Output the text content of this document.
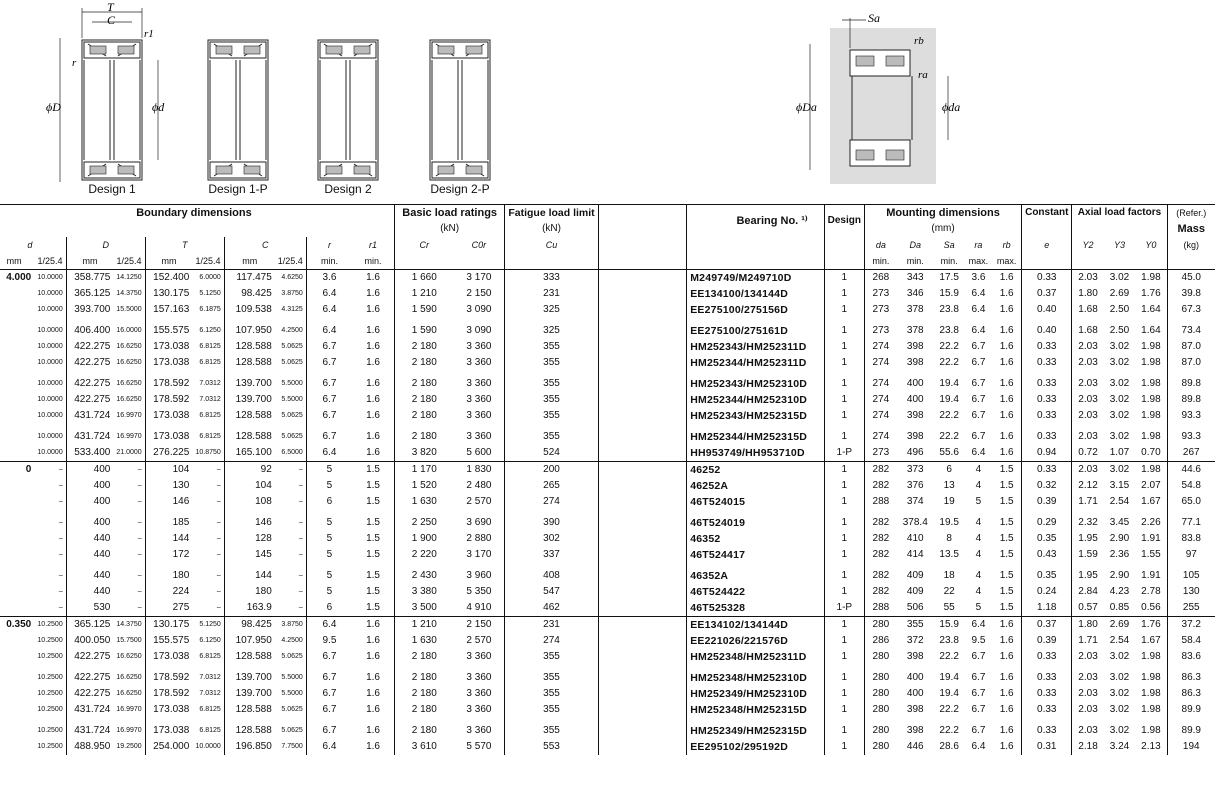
T
C
r1
r
ϕD	ϕd
Sa
rb
ra
ϕDa	ϕda
Design 1	Design 1-P	Design 2	Design 2-P
Boundary dimensions										Basic load ratings		Fatigue load limit		Bearing No. ¹⁾	Design	Mounting dimensions					Constant	Axial load factors			(Refer.)
										(kN)		(kN)				(mm)									Mass
d		D		T		C		r	r1	Cr	C0r	Cu				da	Da	Sa	ra	rb	e	Y2	Y3	Y0	(kg)
mm	1/25.4	mm	1/25.4	mm	1/25.4	mm	1/25.4	min.	min.							min.	min.	min.	max.	max.					
4.000	10.0000	358.775	14.1250	152.400	6.0000	117.475	4.6250	3.6	1.6	1 660	3 170	333		M249749/M249710D	1	268	343	17.5	3.6	1.6	0.33	2.03	3.02	1.98	45.0
	10.0000	365.125	14.3750	130.175	5.1250	98.425	3.8750	6.4	1.6	1 210	2 150	231		EE134100/134144D	1	273	346	15.9	6.4	1.6	0.37	1.80	2.69	1.76	39.8
	10.0000	393.700	15.5000	157.163	6.1875	109.538	4.3125	6.4	1.6	1 590	3 090	325		EE275100/275156D	1	273	378	23.8	6.4	1.6	0.40	1.68	2.50	1.64	67.3

	10.0000	406.400	16.0000	155.575	6.1250	107.950	4.2500	6.4	1.6	1 590	3 090	325		EE275100/275161D	1	273	378	23.8	6.4	1.6	0.40	1.68	2.50	1.64	73.4
	10.0000	422.275	16.6250	173.038	6.8125	128.588	5.0625	6.7	1.6	2 180	3 360	355		HM252343/HM252311D	1	274	398	22.2	6.7	1.6	0.33	2.03	3.02	1.98	87.0
	10.0000	422.275	16.6250	173.038	6.8125	128.588	5.0625	6.7	1.6	2 180	3 360	355		HM252344/HM252311D	1	274	398	22.2	6.7	1.6	0.33	2.03	3.02	1.98	87.0

	10.0000	422.275	16.6250	178.592	7.0312	139.700	5.5000	6.7	1.6	2 180	3 360	355		HM252343/HM252310D	1	274	400	19.4	6.7	1.6	0.33	2.03	3.02	1.98	89.8
	10.0000	422.275	16.6250	178.592	7.0312	139.700	5.5000	6.7	1.6	2 180	3 360	355		HM252344/HM252310D	1	274	400	19.4	6.7	1.6	0.33	2.03	3.02	1.98	89.8
	10.0000	431.724	16.9970	173.038	6.8125	128.588	5.0625	6.7	1.6	2 180	3 360	355		HM252343/HM252315D	1	274	398	22.2	6.7	1.6	0.33	2.03	3.02	1.98	93.3

	10.0000	431.724	16.9970	173.038	6.8125	128.588	5.0625	6.7	1.6	2 180	3 360	355		HM252344/HM252315D	1	274	398	22.2	6.7	1.6	0.33	2.03	3.02	1.98	93.3
	10.0000	533.400	21.0000	276.225	10.8750	165.100	6.5000	6.4	1.6	3 820	5 600	524		HH953749/HH953710D	1-P	273	496	55.6	6.4	1.6	0.94	0.72	1.07	0.70	267
0	–	400	–	104	–	92	–	5	1.5	1 170	1 830	200		46252	1	282	373	6	4	1.5	0.33	2.03	3.02	1.98	44.6
	–	400	–	130	–	104	–	5	1.5	1 520	2 480	265		46252A	1	282	376	13	4	1.5	0.32	2.12	3.15	2.07	54.8
	–	400	–	146	–	108	–	6	1.5	1 630	2 570	274		46T524015	1	288	374	19	5	1.5	0.39	1.71	2.54	1.67	65.0

	–	400	–	185	–	146	–	5	1.5	2 250	3 690	390		46T524019	1	282	378.4	19.5	4	1.5	0.29	2.32	3.45	2.26	77.1
	–	440	–	144	–	128	–	5	1.5	1 900	2 880	302		46352	1	282	410	8	4	1.5	0.35	1.95	2.90	1.91	83.8
	–	440	–	172	–	145	–	5	1.5	2 220	3 170	337		46T524417	1	282	414	13.5	4	1.5	0.43	1.59	2.36	1.55	97

	–	440	–	180	–	144	–	5	1.5	2 430	3 960	408		46352A	1	282	409	18	4	1.5	0.35	1.95	2.90	1.91	105
	–	440	–	224	–	180	–	5	1.5	3 380	5 350	547		46T524422	1	282	409	22	4	1.5	0.24	2.84	4.23	2.78	130
	–	530	–	275	–	163.9	–	6	1.5	3 500	4 910	462		46T525328	1-P	288	506	55	5	1.5	1.18	0.57	0.85	0.56	255
0.350	10.2500	365.125	14.3750	130.175	5.1250	98.425	3.8750	6.4	1.6	1 210	2 150	231		EE134102/134144D	1	280	355	15.9	6.4	1.6	0.37	1.80	2.69	1.76	37.2
	10.2500	400.050	15.7500	155.575	6.1250	107.950	4.2500	9.5	1.6	1 630	2 570	274		EE221026/221576D	1	286	372	23.8	9.5	1.6	0.39	1.71	2.54	1.67	58.4
	10.2500	422.275	16.6250	173.038	6.8125	128.588	5.0625	6.7	1.6	2 180	3 360	355		HM252348/HM252311D	1	280	398	22.2	6.7	1.6	0.33	2.03	3.02	1.98	83.6

	10.2500	422.275	16.6250	178.592	7.0312	139.700	5.5000	6.7	1.6	2 180	3 360	355		HM252348/HM252310D	1	280	400	19.4	6.7	1.6	0.33	2.03	3.02	1.98	86.3
	10.2500	422.275	16.6250	178.592	7.0312	139.700	5.5000	6.7	1.6	2 180	3 360	355		HM252349/HM252310D	1	280	400	19.4	6.7	1.6	0.33	2.03	3.02	1.98	86.3
	10.2500	431.724	16.9970	173.038	6.8125	128.588	5.0625	6.7	1.6	2 180	3 360	355		HM252348/HM252315D	1	280	398	22.2	6.7	1.6	0.33	2.03	3.02	1.98	89.9

	10.2500	431.724	16.9970	173.038	6.8125	128.588	5.0625	6.7	1.6	2 180	3 360	355		HM252349/HM252315D	1	280	398	22.2	6.7	1.6	0.33	2.03	3.02	1.98	89.9
	10.2500	488.950	19.2500	254.000	10.0000	196.850	7.7500	6.4	1.6	3 610	5 570	553		EE295102/295192D	1	280	446	28.6	6.4	1.6	0.31	2.18	3.24	2.13	194
